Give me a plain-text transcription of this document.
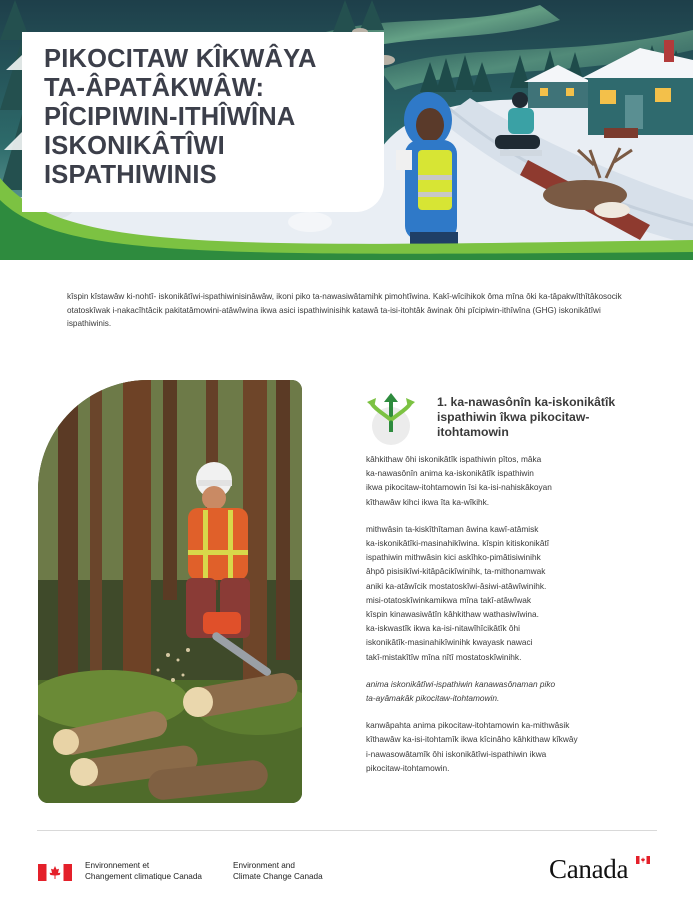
PIKOCITAW KÎKWÂYA
TA-ÂPATÂKWÂW:
PÎCIPIWIN-ITHÎWÎNA
ISKONIKÂTÎWI
ISPATHIWINIS

kîspin kîstawâw ki-nohtî- iskonikâtîwi-ispathiwinisinâwâw, ikoni piko ta-nawasiwâtamihk pimohtîwina. Kakî-wîcihikok ôma mîna ôki ka-tâpakwîthîtâkosocik otatoskîwak i-nakacîhtâcik pakitatâmowini-atâwîwina ikwa asici ispathiwinisihk katawâ ta-isi-itohtâk âwinak ôhi pîcipiwin-ithîwîna (GHG) iskonikâtîwi ispathiwinis.

1. ka-nawasônîn ka-iskonikâtîk
ispathiwin îkwa pikocitaw-
itohtamowin

kâhkithaw ôhi iskonikâtîk ispathiwin pîtos, mâka
ka-nawasônîn anima ka-iskonikâtîk ispathiwin
ikwa pikocitaw-itohtamowin îsi ka-isi-nahiskâkoyan
kîthawâw kihci ikwa îta ka-wîkihk.

mithwâsin ta-kiskîthîtaman âwina kawî-atâmisk
ka-iskonikâtîki-masinahikîwina. kîspin kitiskonikâtî
ispathiwin mithwâsin kici askîhko-pimâtisiwinihk
âhpô pisisikîwi-kitâpâcikîwinihk, ta-mithonamwak
aniki ka-atâwîcik mostatoskîwi-âsiwi-atâwîwinihk.
misi-otatoskîwinkamikwa mîna takî-atâwîwak
kîspin kinawasiwâtîn kâhkithaw wathasiwîwina.
ka-iskwastîk ikwa ka-isi-nitawîhîcikâtîk ôhi
iskonikâtîk-masinahikîwinihk kwayask nawaci
takî-mistakîtîw mîna nîtî mostatoskîwinihk.

anima iskonikâtîwi-ispathiwin kanawasônaman piko
ta-ayâmakâk pikocitaw-itohtamowin.

kanwâpahta anima pikocitaw-itohtamowin ka-mithwâsik
kîthawâw ka-isi-itohtamîk ikwa kîcinâho kâhkithaw kîkwây
i-nawasowâtamîk ôhi iskonikâtîwi-ispathiwin ikwa
pikocitaw-itohtamowin.

Environnement et
Changement climatique Canada
Environment and
Climate Change Canada	Canada
